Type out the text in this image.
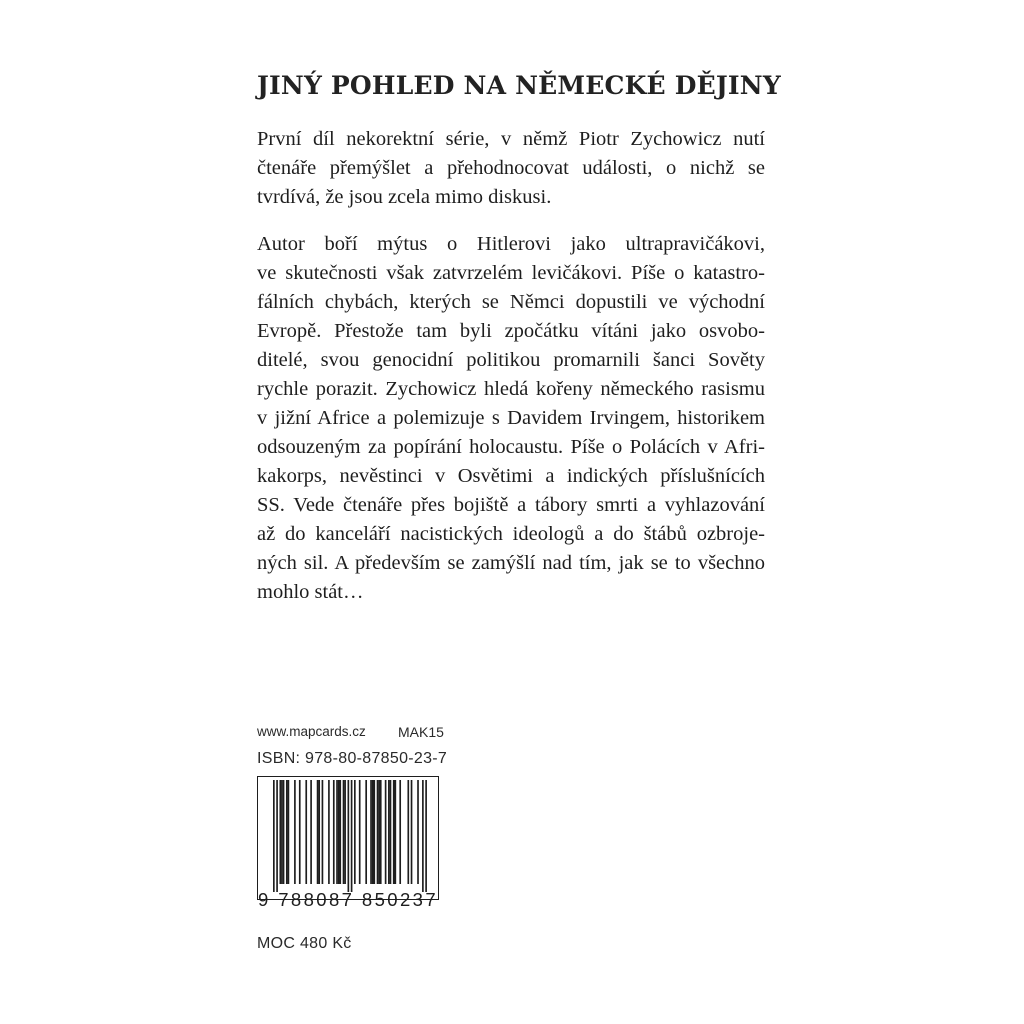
JINÝ POHLED NA NĚMECKÉ DĚJINY
První díl nekorektní série, v němž Piotr Zychowicz nutí
čtenáře přemýšlet a přehodnocovat události, o nichž se
tvrdívá, že jsou zcela mimo diskusi.
Autor boří mýtus o Hitlerovi jako ultrapravičákovi,
ve skutečnosti však zatvrzelém levičákovi. Píše o katastro-
fálních chybách, kterých se Němci dopustili ve východní
Evropě. Přestože tam byli zpočátku vítáni jako osvobo-
ditelé, svou genocidní politikou promarnili šanci Sověty
rychle porazit. Zychowicz hledá kořeny německého rasismu
v jižní Africe a polemizuje s Davidem Irvingem, historikem
odsouzeným za popírání holocaustu. Píše o Polácích v Afri-
kakorps, nevěstinci v Osvětimi a indických příslušnících
SS. Vede čtenáře přes bojiště a tábory smrti a vyhlazování
až do kanceláří nacistických ideologů a do štábů ozbroje-
ných sil. A především se zamýšlí nad tím, jak se to všechno
mohlo stát…
www.mapcards.cz MAK15
ISBN: 978-80-87850-23-7
9 788087 850237
MOC 480 Kč
